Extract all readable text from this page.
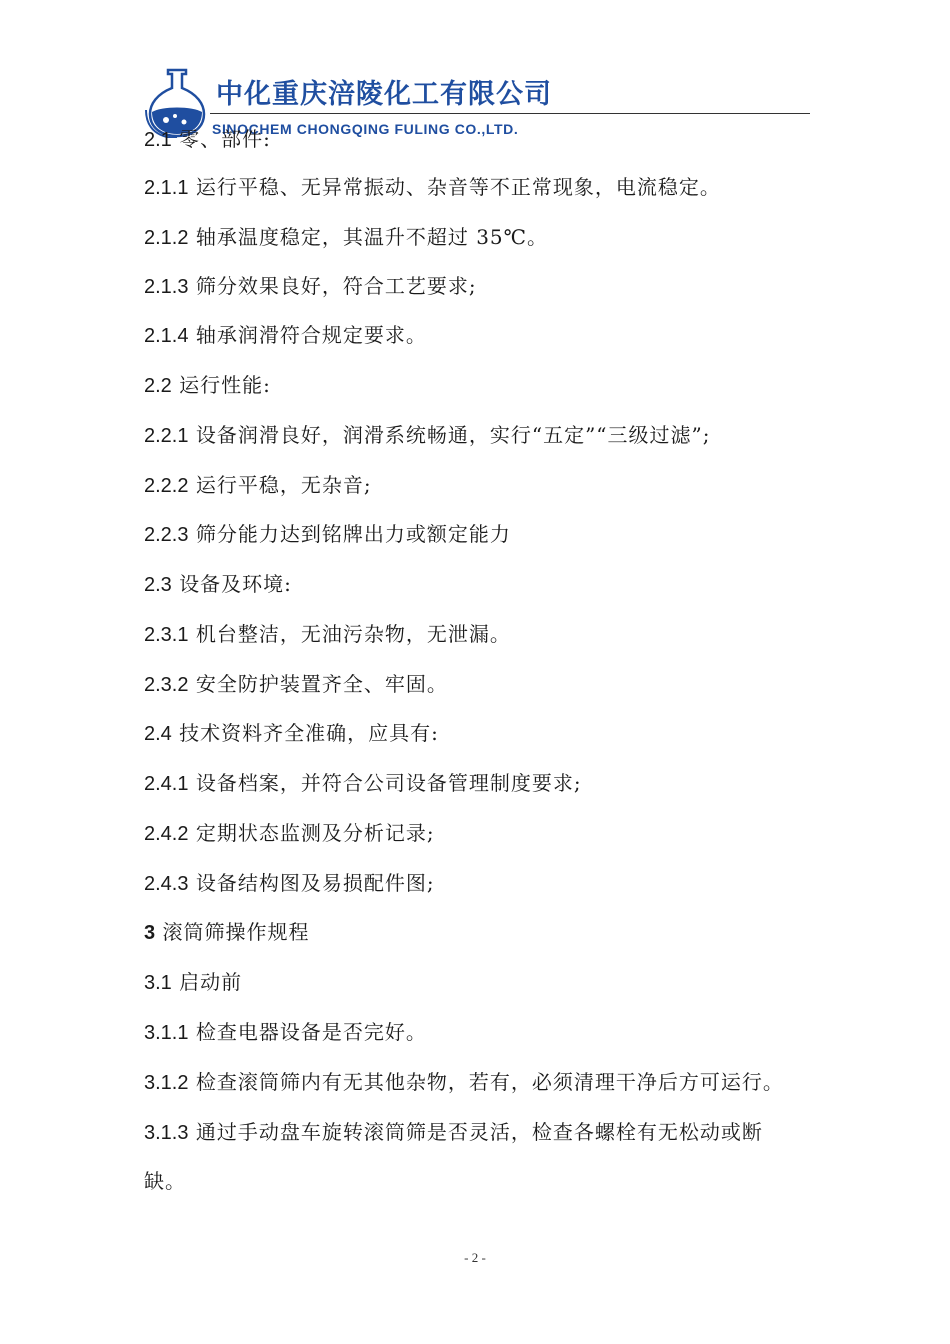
中化重庆涪陵化工有限公司
SINOCHEM CHONGQING FULING CO.,LTD.
2.1 零、部件:
2.1.1 运行平稳、无异常振动、杂音等不正常现象，电流稳定。
2.1.2 轴承温度稳定，其温升不超过 35℃。
2.1.3 筛分效果良好，符合工艺要求;
2.1.4 轴承润滑符合规定要求。
2.2 运行性能:
2.2.1 设备润滑良好，润滑系统畅通，实行“五定”“三级过滤”;
2.2.2 运行平稳，无杂音;
2.2.3 筛分能力达到铭牌出力或额定能力
2.3 设备及环境:
2.3.1 机台整洁，无油污杂物，无泄漏。
2.3.2 安全防护装置齐全、牢固。
2.4 技术资料齐全准确，应具有:
2.4.1 设备档案，并符合公司设备管理制度要求;
2.4.2 定期状态监测及分析记录;
2.4.3 设备结构图及易损配件图;
3 滚筒筛操作规程
3.1 启动前
3.1.1 检查电器设备是否完好。
3.1.2 检查滚筒筛内有无其他杂物，若有，必须清理干净后方可运行。
3.1.3 通过手动盘车旋转滚筒筛是否灵活，检查各螺栓有无松动或断
缺。
- 2 -
